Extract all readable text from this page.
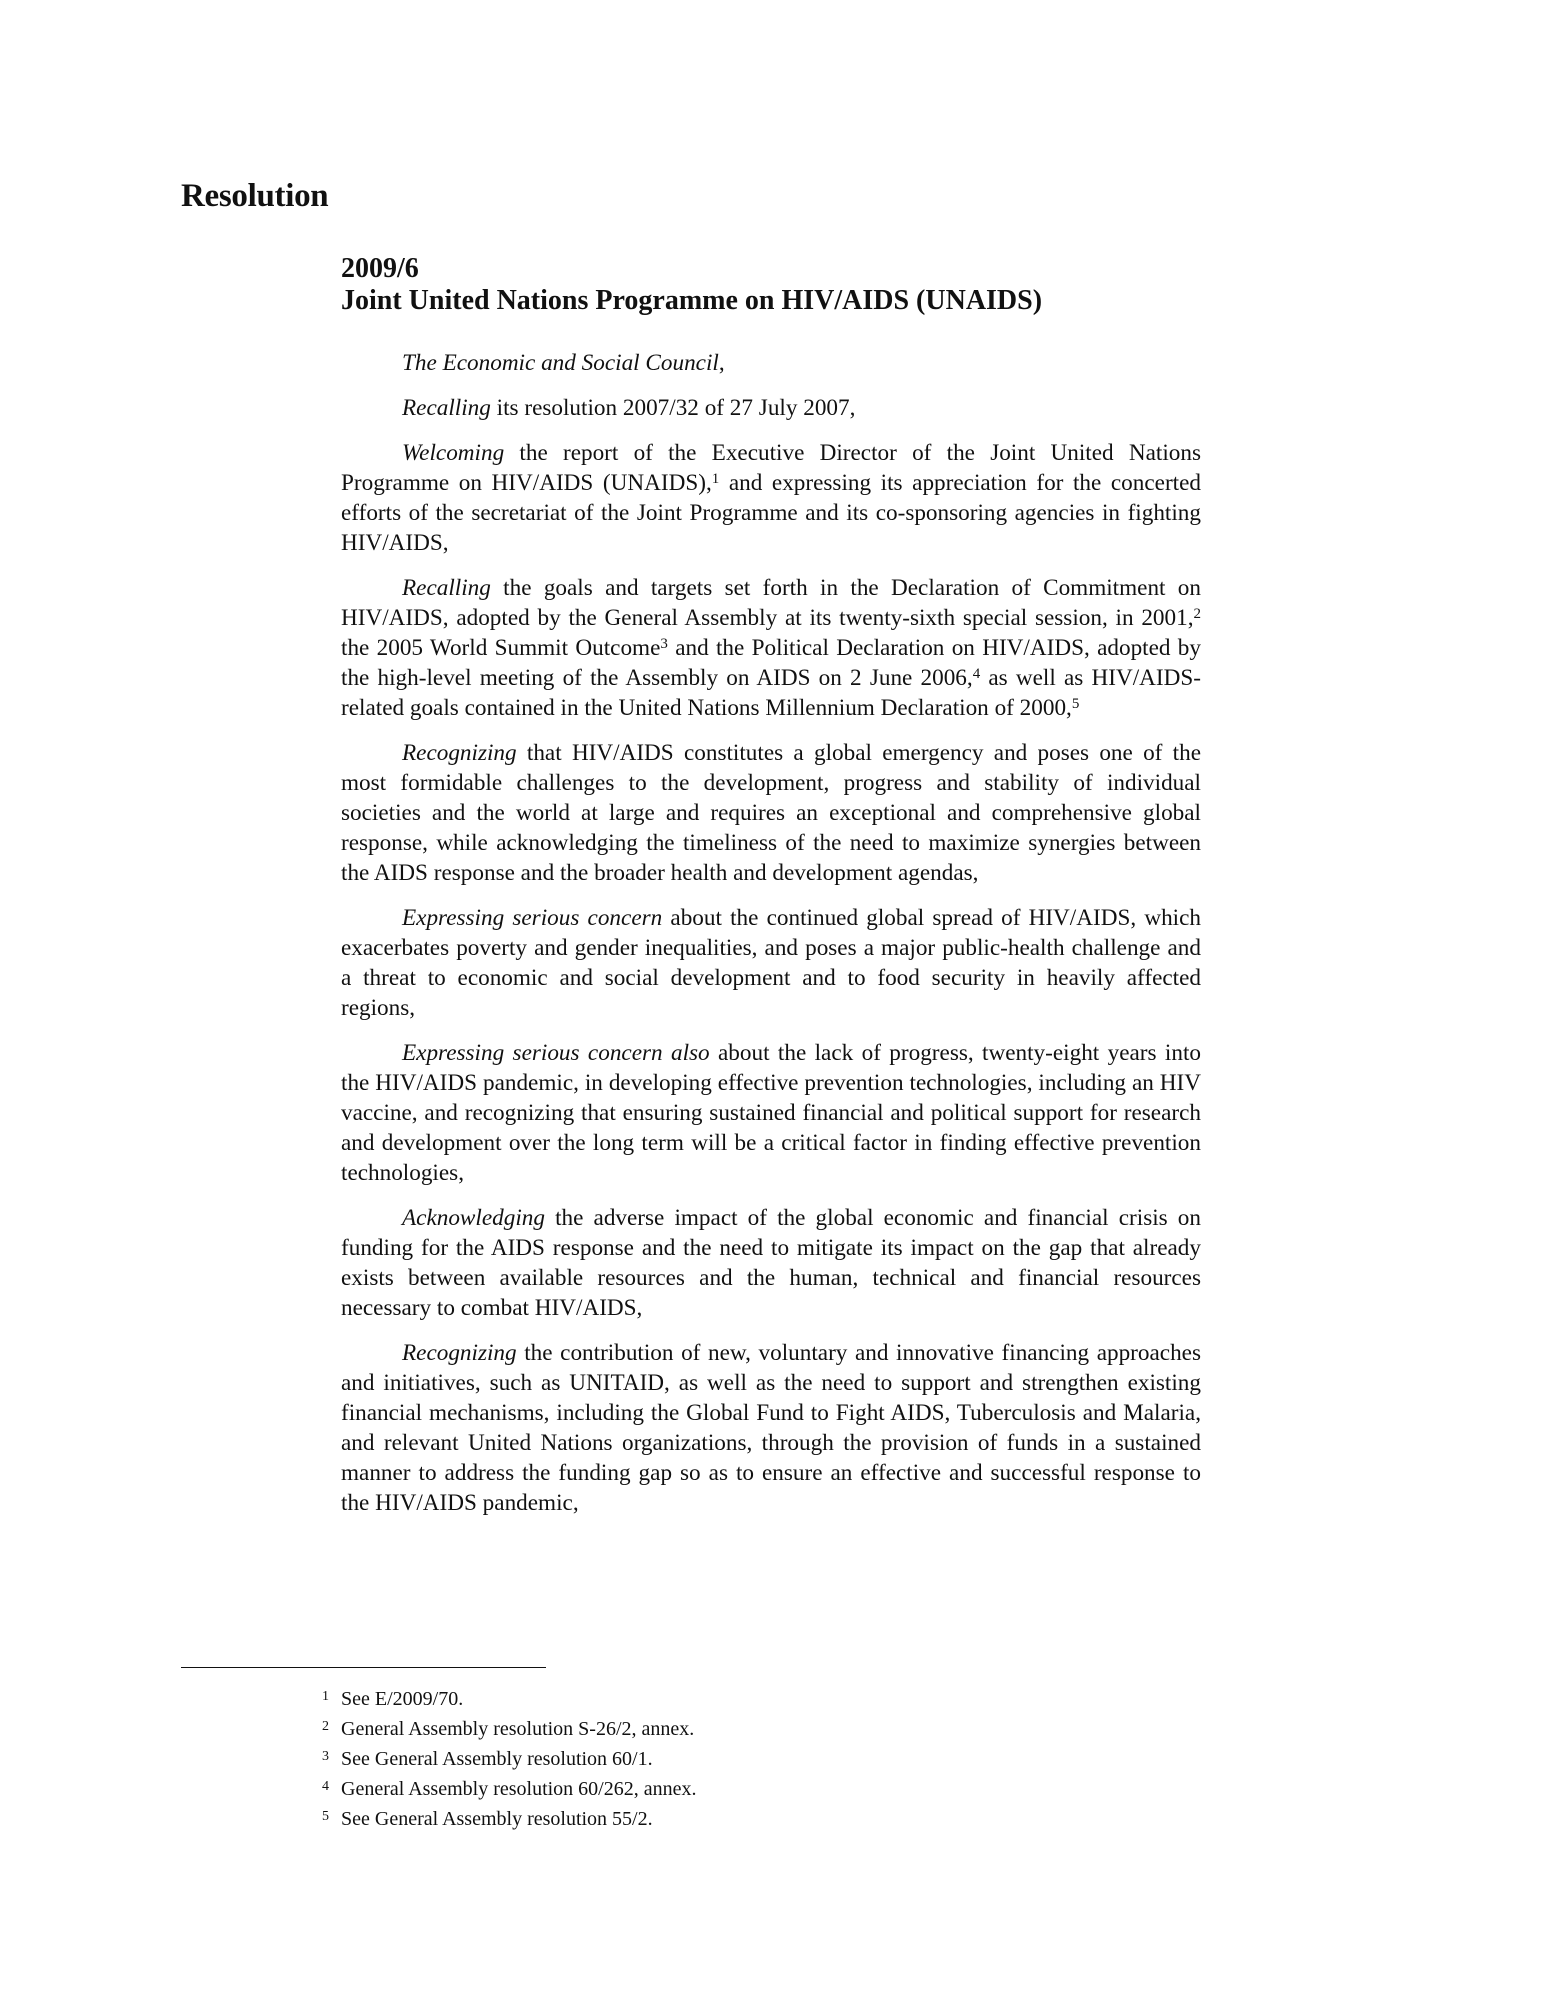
Resolution
2009/6
Joint United Nations Programme on HIV/AIDS (UNAIDS)

The Economic and Social Council,

Recalling its resolution 2007/32 of 27 July 2007,

Welcoming the report of the Executive Director of the Joint United Nations Programme on HIV/AIDS (UNAIDS),$^1$ and expressing its appreciation for the concerted efforts of the secretariat of the Joint Programme and its co-sponsoring agencies in fighting HIV/AIDS,

Recalling the goals and targets set forth in the Declaration of Commitment on HIV/AIDS, adopted by the General Assembly at its twenty-sixth special session, in 2001,$^2$ the 2005 World Summit Outcome$^3$ and the Political Declaration on HIV/AIDS, adopted by the high-level meeting of the Assembly on AIDS on 2 June 2006,$^4$ as well as HIV/AIDS-related goals contained in the United Nations Millennium Declaration of 2000,$^5$

Recognizing that HIV/AIDS constitutes a global emergency and poses one of the most formidable challenges to the development, progress and stability of individual societies and the world at large and requires an exceptional and comprehensive global response, while acknowledging the timeliness of the need to maximize synergies between the AIDS response and the broader health and development agendas,

Expressing serious concern about the continued global spread of HIV/AIDS, which exacerbates poverty and gender inequalities, and poses a major public-health challenge and a threat to economic and social development and to food security in heavily affected regions,

Expressing serious concern also about the lack of progress, twenty-eight years into the HIV/AIDS pandemic, in developing effective prevention technologies, including an HIV vaccine, and recognizing that ensuring sustained financial and political support for research and development over the long term will be a critical factor in finding effective prevention technologies,

Acknowledging the adverse impact of the global economic and financial crisis on funding for the AIDS response and the need to mitigate its impact on the gap that already exists between available resources and the human, technical and financial resources necessary to combat HIV/AIDS,

Recognizing the contribution of new, voluntary and innovative financing approaches and initiatives, such as UNITAID, as well as the need to support and strengthen existing financial mechanisms, including the Global Fund to Fight AIDS, Tuberculosis and Malaria, and relevant United Nations organizations, through the provision of funds in a sustained manner to address the funding gap so as to ensure an effective and successful response to the HIV/AIDS pandemic,

1 See E/2009/70.
2 General Assembly resolution S-26/2, annex.
3 See General Assembly resolution 60/1.
4 General Assembly resolution 60/262, annex.
5 See General Assembly resolution 55/2.
